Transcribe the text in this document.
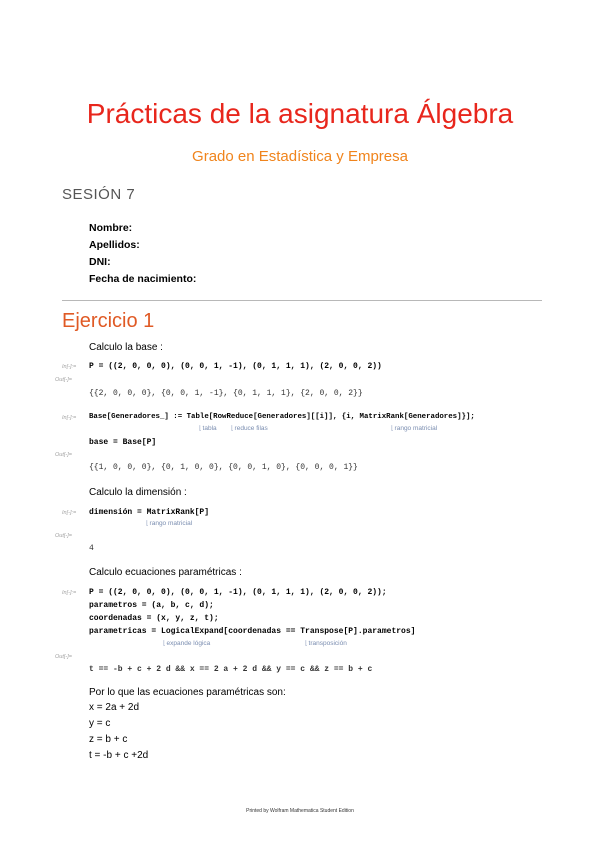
Prácticas de la asignatura Álgebra
Grado en Estadística y Empresa
SESIÓN 7
Nombre:
Apellidos:
DNI:
Fecha de nacimiento:
Ejercicio 1
Calculo la base :
In[-]:= P = ((2, 0, 0, 0), (0, 0, 1, -1), (0, 1, 1, 1), (2, 0, 0, 2))
Out[-]=
{{2, 0, 0, 0}, {0, 0, 1, -1}, {0, 1, 1, 1}, {2, 0, 0, 2}}
In[-]:= Base[Generadores_] := Table[RowReduce[Generadores][[i]], {i, MatrixRank[Generadores]}];
⌊ tabla	⌊ reduce filas	⌊ rango matricial
base = Base[P]
Out[-]=
{{1, 0, 0, 0}, {0, 1, 0, 0}, {0, 0, 1, 0}, {0, 0, 0, 1}}
Calculo la dimensión :
In[-]:= dimensión = MatrixRank[P]
⌊ rango matricial
Out[-]=
4
Calculo ecuaciones paramétricas :
In[-]:= P = ((2, 0, 0, 0), (0, 0, 1, -1), (0, 1, 1, 1), (2, 0, 0, 2));
parametros = (a, b, c, d);
coordenadas = (x, y, z, t);
parametricas = LogicalExpand[coordenadas == Transpose[P].parametros]
⌊ expande lógica	⌊ transposición
Out[-]=
t == -b + c + 2 d && x == 2 a + 2 d && y == c && z == b + c
Por lo que las ecuaciones paramétricas son:
x = 2a + 2d
y = c
z = b + c
t = -b + c +2d
Printed by Wolfram Mathematica Student Edition
